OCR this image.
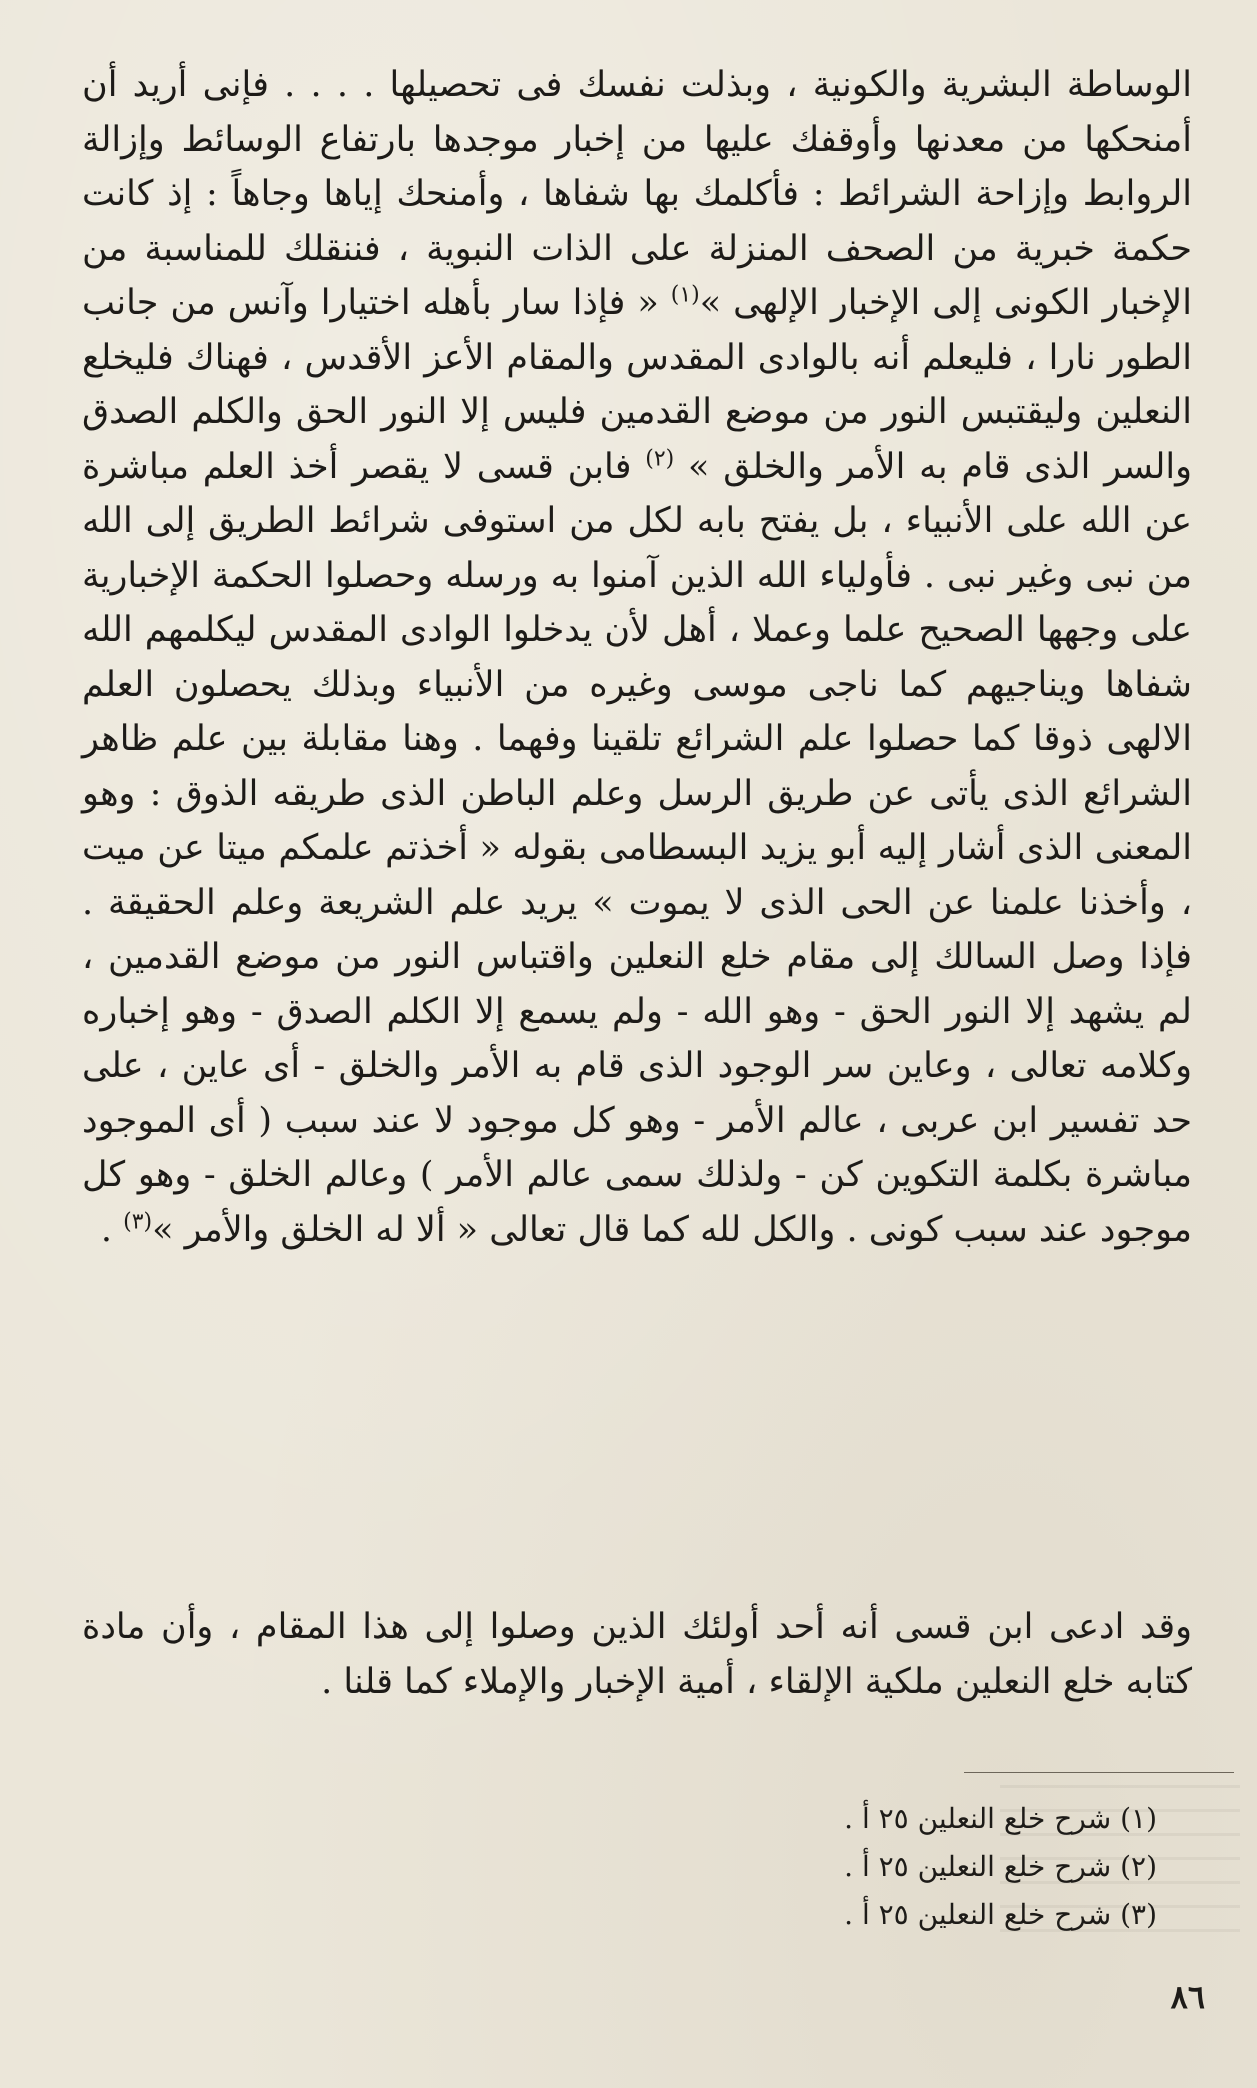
الوساطة البشرية والكونية ، وبذلت نفسك فى تحصيلها . . . . فإنى أريد أن أمنحكها من معدنها وأوقفك عليها من إخبار موجدها بارتفاع الوسائط وإزالة الروابط وإزاحة الشرائط : فأكلمك بها شفاها ، وأمنحك إياها وجاهاً : إذ كانت حكمة خبرية من الصحف المنزلة على الذات النبوية ، فننقلك للمناسبة من الإخبار الكونى إلى الإخبار الإلهى »$^{(١)}$ « فإذا سار بأهله اختيارا وآنس من جانب الطور نارا ، فليعلم أنه بالوادى المقدس والمقام الأعز الأقدس ، فهناك فليخلع النعلين وليقتبس النور من موضع القدمين فليس إلا النور الحق والكلم الصدق والسر الذى قام به الأمر والخلق » $^{(٢)}$ فابن قسى لا يقصر أخذ العلم مباشرة عن الله على الأنبياء ، بل يفتح بابه لكل من استوفى شرائط الطريق إلى الله من نبى وغير نبى . فأولياء الله الذين آمنوا به ورسله وحصلوا الحكمة الإخبارية على وجهها الصحيح علما وعملا ، أهل لأن يدخلوا الوادى المقدس ليكلمهم الله شفاها ويناجيهم كما ناجى موسى وغيره من الأنبياء وبذلك يحصلون العلم الالهى ذوقا كما حصلوا علم الشرائع تلقينا وفهما . وهنا مقابلة بين علم ظاهر الشرائع الذى يأتى عن طريق الرسل وعلم الباطن الذى طريقه الذوق : وهو المعنى الذى أشار إليه أبو يزيد البسطامى بقوله « أخذتم علمكم ميتا عن ميت ، وأخذنا علمنا عن الحى الذى لا يموت » يريد علم الشريعة وعلم الحقيقة . فإذا وصل السالك إلى مقام خلع النعلين واقتباس النور من موضع القدمين ، لم يشهد إلا النور الحق - وهو الله - ولم يسمع إلا الكلم الصدق - وهو إخباره وكلامه تعالى ، وعاين سر الوجود الذى قام به الأمر والخلق - أى عاين ، على حد تفسير ابن عربى ، عالم الأمر - وهو كل موجود لا عند سبب ( أى الموجود مباشرة بكلمة التكوين كن - ولذلك سمى عالم الأمر ) وعالم الخلق - وهو كل موجود عند سبب كونى . والكل لله كما قال تعالى « ألا له الخلق والأمر »$^{(٣)}$ .
وقد ادعى ابن قسى أنه أحد أولئك الذين وصلوا إلى هذا المقام ، وأن مادة كتابه خلع النعلين ملكية الإلقاء ، أمية الإخبار والإملاء كما قلنا .
(١) شرح خلع النعلين ٢٥ أ .
(٢) شرح خلع النعلين ٢٥ أ .
(٣) شرح خلع النعلين ٢٥ أ .
٨٦
